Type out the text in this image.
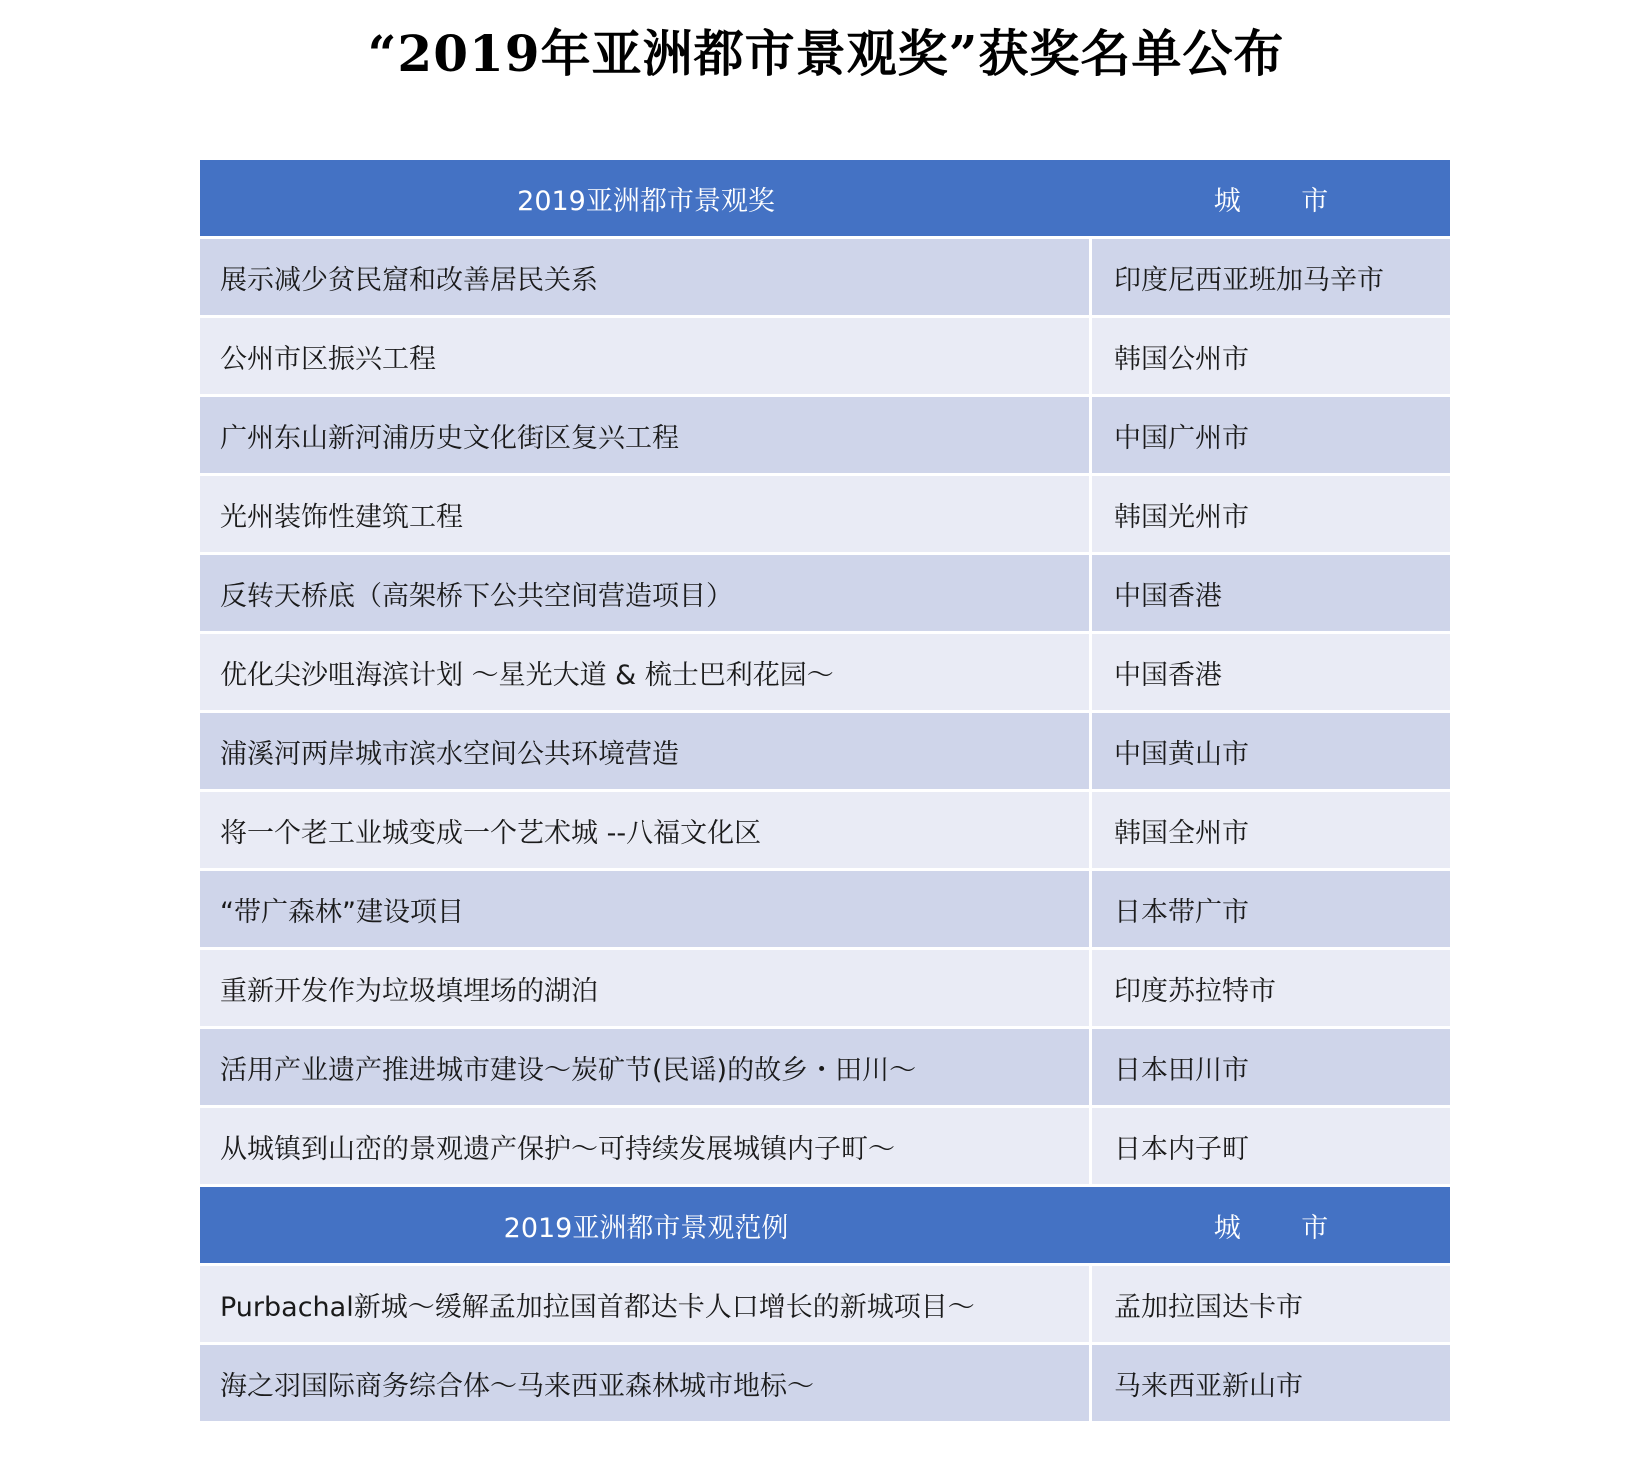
“2019年亚洲都市景观奖”获奖名单公布
2019亚洲都市景观奖	城 市
展示减少贫民窟和改善居民关系	印度尼西亚班加马辛市
公州市区振兴工程	韩国公州市
广州东山新河浦历史文化街区复兴工程	中国广州市
光州装饰性建筑工程	韩国光州市
反转天桥底（高架桥下公共空间营造项目）	中国香港
优化尖沙咀海滨计划 ～星光大道 & 梳士巴利花园～	中国香港
浦溪河两岸城市滨水空间公共环境营造	中国黄山市
将一个老工业城变成一个艺术城 --八福文化区	韩国全州市
“带广森林”建设项目	日本带广市
重新开发作为垃圾填埋场的湖泊	印度苏拉特市
活用产业遗产推进城市建设～炭矿节(民谣)的故乡・田川～	日本田川市
从城镇到山峦的景观遗产保护～可持续发展城镇内子町～	日本内子町
2019亚洲都市景观范例	城 市
Purbachal新城～缓解孟加拉国首都达卡人口增长的新城项目～	孟加拉国达卡市
海之羽国际商务综合体～马来西亚森林城市地标～	马来西亚新山市
